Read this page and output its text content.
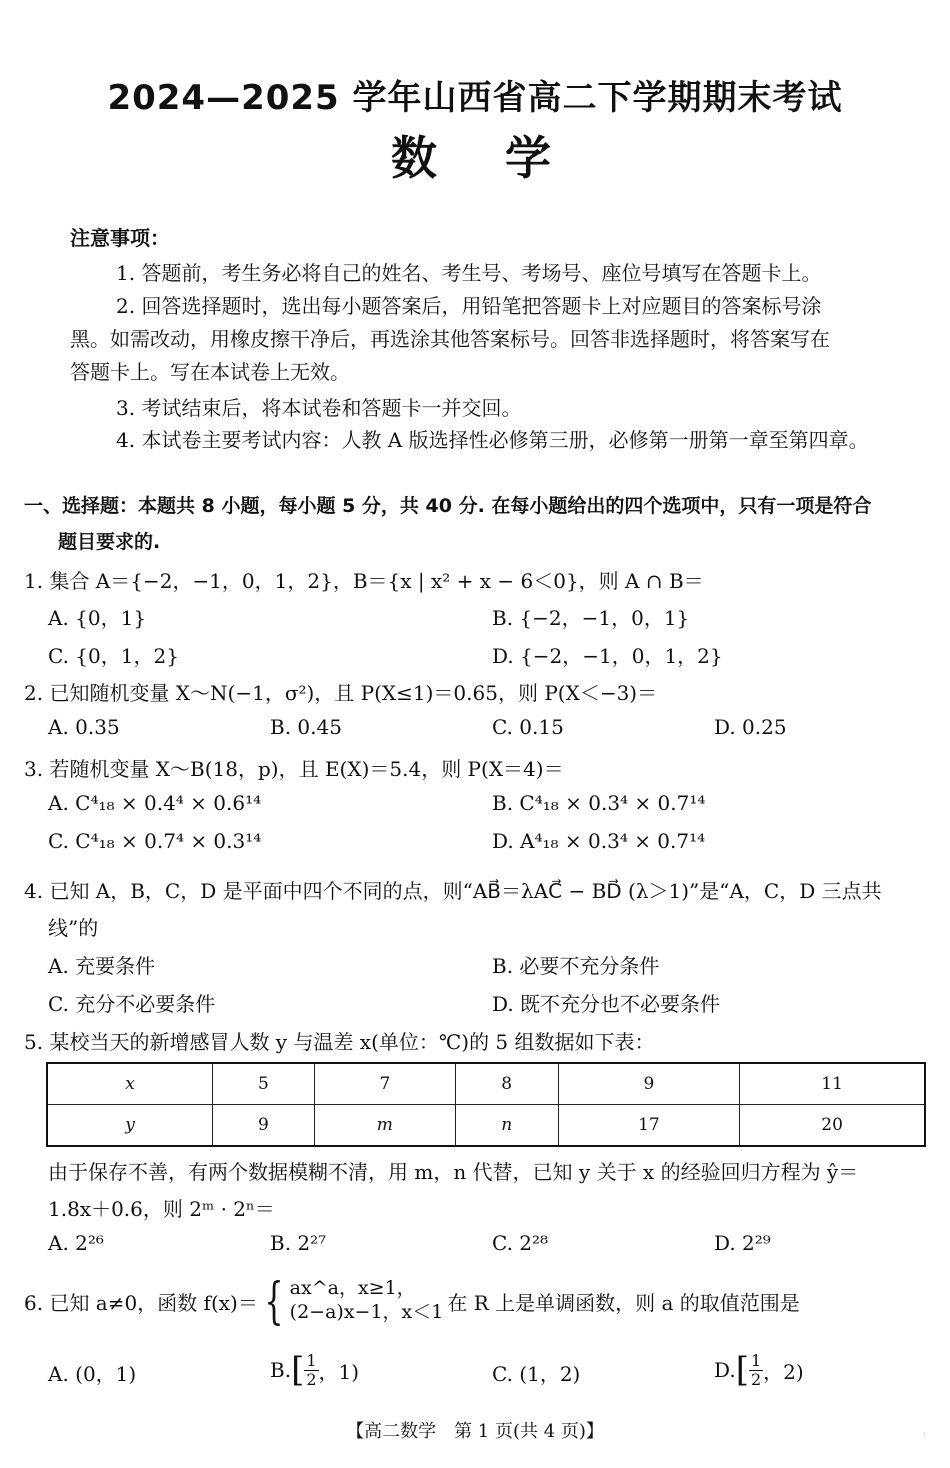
2024—2025 学年山西省高二下学期期末考试
数学
注意事项：
1. 答题前，考生务必将自己的姓名、考生号、考场号、座位号填写在答题卡上。
2. 回答选择题时，选出每小题答案后，用铅笔把答题卡上对应题目的答案标号涂
黑。如需改动，用橡皮擦干净后，再选涂其他答案标号。回答非选择题时，将答案写在
答题卡上。写在本试卷上无效。
3. 考试结束后，将本试卷和答题卡一并交回。
4. 本试卷主要考试内容：人教 A 版选择性必修第三册，必修第一册第一章至第四章。
一、选择题：本题共 8 小题，每小题 5 分，共 40 分. 在每小题给出的四个选项中，只有一项是符合
题目要求的.
1. 集合 A＝{−2，−1，0，1，2}，B＝{x | x² + x − 6＜0}，则 A ∩ B＝
A. {0，1}	B. {−2，−1，0，1}
C. {0，1，2}	D. {−2，−1，0，1，2}
2. 已知随机变量 X～N(−1，σ²)，且 P(X≤1)＝0.65，则 P(X＜−3)＝
A. 0.35	B. 0.45	C. 0.15	D. 0.25
3. 若随机变量 X～B(18，p)，且 E(X)＝5.4，则 P(X＝4)＝
A. C⁴₁₈ × 0.4⁴ × 0.6¹⁴	B. C⁴₁₈ × 0.3⁴ × 0.7¹⁴
C. C⁴₁₈ × 0.7⁴ × 0.3¹⁴	D. A⁴₁₈ × 0.3⁴ × 0.7¹⁴
4. 已知 A，B，C，D 是平面中四个不同的点，则“AB⃗＝λAC⃗ − BD⃗ (λ＞1)”是“A，C，D 三点共
线”的
A. 充要条件	B. 必要不充分条件
C. 充分不必要条件	D. 既不充分也不必要条件
5. 某校当天的新增感冒人数 y 与温差 x(单位：℃)的 5 组数据如下表：
x	5	7	8	9	11
y	9	m	n	17	20
由于保存不善，有两个数据模糊不清，用 m，n 代替，已知 y 关于 x 的经验回归方程为 ŷ＝
1.8x＋0.6，则 2ᵐ · 2ⁿ＝
A. 2²⁶	B. 2²⁷	C. 2²⁸	D. 2²⁹
6. 已知 a≠0，函数 f(x)＝ { ax^a，x≥1，
(2−a)x−1，x＜1 在 R 上是单调函数，则 a 的取值范围是
A. (0，1)	B. [ $\frac{1}{2}$ ，1)	C. (1，2)	D. [ $\frac{1}{2}$ ，2)
【高二数学　第 1 页(共 4 页)】	·
